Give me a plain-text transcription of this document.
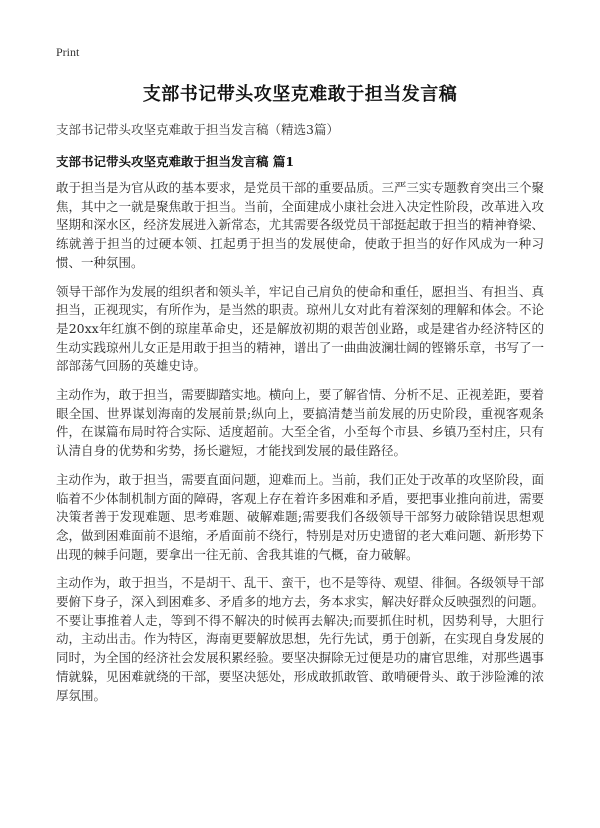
Print
支部书记带头攻坚克难敢于担当发言稿
支部书记带头攻坚克难敢于担当发言稿（精选3篇）
支部书记带头攻坚克难敢于担当发言稿 篇1

敢于担当是为官从政的基本要求，是党员干部的重要品质。三严三实专题教育突出三个聚焦，其中之一就是聚焦敢于担当。当前，全面建成小康社会进入决定性阶段，改革进入攻坚期和深水区，经济发展进入新常态，尤其需要各级党员干部挺起敢于担当的精神脊梁、练就善于担当的过硬本领、扛起勇于担当的发展使命，使敢于担当的好作风成为一种习惯、一种氛围。

领导干部作为发展的组织者和领头羊，牢记自己肩负的使命和重任，愿担当、有担当、真担当，正视现实，有所作为，是当然的职责。琼州儿女对此有着深刻的理解和体会。不论是20xx年红旗不倒的琼崖革命史，还是解放初期的艰苦创业路，或是建省办经济特区的生动实践琼州儿女正是用敢于担当的精神，谱出了一曲曲波澜壮阔的铿锵乐章，书写了一部部荡气回肠的英雄史诗。

主动作为，敢于担当，需要脚踏实地。横向上，要了解省情、分析不足、正视差距，要着眼全国、世界谋划海南的发展前景;纵向上，要搞清楚当前发展的历史阶段，重视客观条件，在谋篇布局时符合实际、适度超前。大至全省，小至每个市县、乡镇乃至村庄，只有认清自身的优势和劣势，扬长避短，才能找到发展的最佳路径。

主动作为，敢于担当，需要直面问题，迎难而上。当前，我们正处于改革的攻坚阶段，面临着不少体制机制方面的障碍，客观上存在着许多困难和矛盾，要把事业推向前进，需要决策者善于发现难题、思考难题、破解难题;需要我们各级领导干部努力破除错误思想观念，做到困难面前不退缩，矛盾面前不绕行，特别是对历史遗留的老大难问题、新形势下出现的棘手问题，要拿出一往无前、舍我其谁的气概，奋力破解。

主动作为，敢于担当，不是胡干、乱干、蛮干，也不是等待、观望、徘徊。各级领导干部要俯下身子，深入到困难多、矛盾多的地方去，务本求实，解决好群众反映强烈的问题。不要让事推着人走，等到不得不解决的时候再去解决;而要抓住时机，因势利导，大胆行动，主动出击。作为特区，海南更要解放思想，先行先试，勇于创新，在实现自身发展的同时，为全国的经济社会发展积累经验。要坚决摒除无过便是功的庸官思维，对那些遇事情就躲，见困难就绕的干部，要坚决惩处，形成敢抓敢管、敢啃硬骨头、敢于涉险滩的浓厚氛围。
